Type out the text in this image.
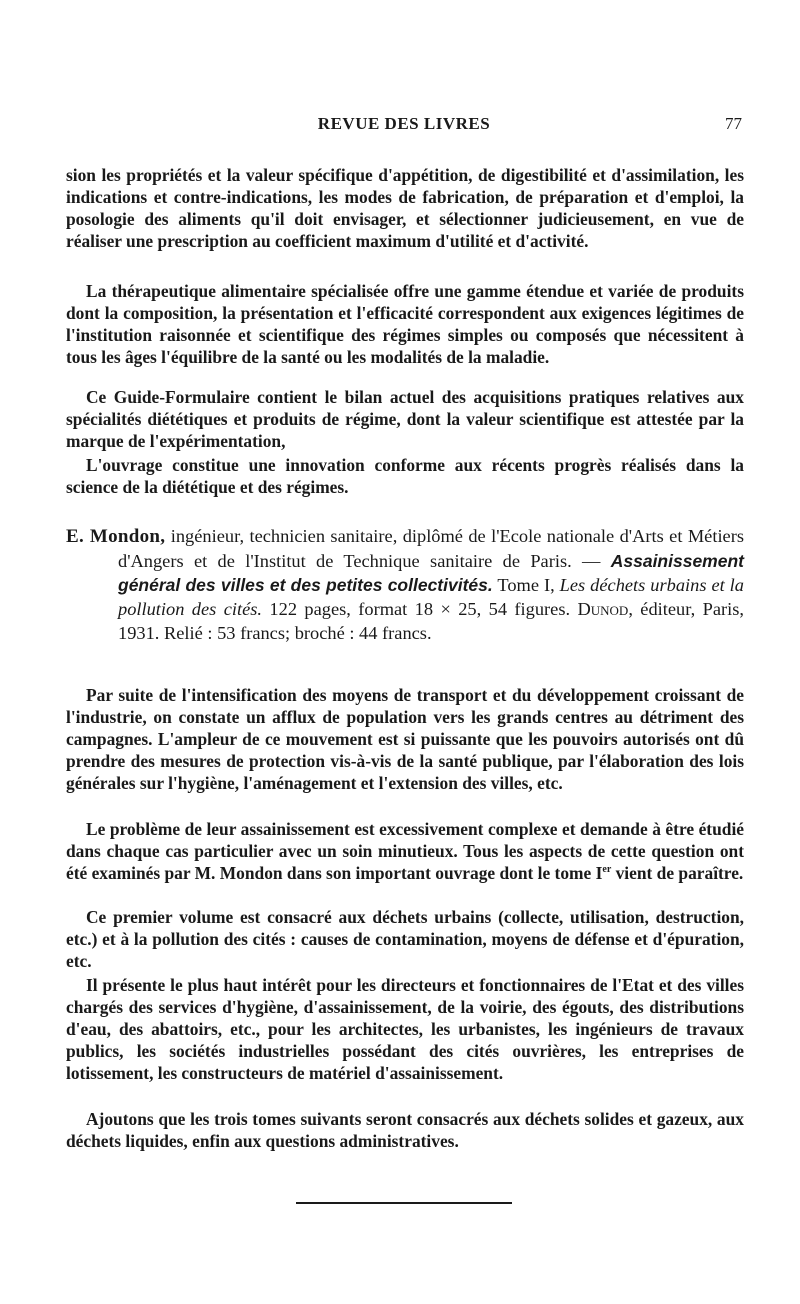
REVUE DES LIVRES	77

sion les propriétés et la valeur spécifique d'appétition, de digestibilité et d'assimilation, les indications et contre-indications, les modes de fabrication, de préparation et d'emploi, la posologie des aliments qu'il doit envisager, et sélectionner judicieusement, en vue de réaliser une prescription au coefficient maximum d'utilité et d'activité.

La thérapeutique alimentaire spécialisée offre une gamme étendue et variée de produits dont la composition, la présentation et l'efficacité correspondent aux exigences légitimes de l'institution raisonnée et scientifique des régimes simples ou composés que nécessitent à tous les âges l'équilibre de la santé ou les modalités de la maladie.

Ce Guide-Formulaire contient le bilan actuel des acquisitions pratiques relatives aux spécialités diététiques et produits de régime, dont la valeur scientifique est attestée par la marque de l'expérimentation,

L'ouvrage constitue une innovation conforme aux récents progrès réalisés dans la science de la diététique et des régimes.

E. Mondon, ingénieur, technicien sanitaire, diplômé de l'Ecole nationale d'Arts et Métiers d'Angers et de l'Institut de Technique sanitaire de Paris. — Assainissement général des villes et des petites collectivités. Tome I, Les déchets urbains et la pollution des cités. 122 pages, format 18 × 25, 54 figures. Dunod, éditeur, Paris, 1931. Relié : 53 francs; broché : 44 francs.

Par suite de l'intensification des moyens de transport et du développement croissant de l'industrie, on constate un afflux de population vers les grands centres au détriment des campagnes. L'ampleur de ce mouvement est si puissante que les pouvoirs autorisés ont dû prendre des mesures de protection vis-à-vis de la santé publique, par l'élaboration des lois générales sur l'hygiène, l'aménagement et l'extension des villes, etc.

Le problème de leur assainissement est excessivement complexe et demande à être étudié dans chaque cas particulier avec un soin minutieux. Tous les aspects de cette question ont été examinés par M. Mondon dans son important ouvrage dont le tome Ier vient de paraître.

Ce premier volume est consacré aux déchets urbains (collecte, utilisation, destruction, etc.) et à la pollution des cités : causes de contamination, moyens de défense et d'épuration, etc.

Il présente le plus haut intérêt pour les directeurs et fonctionnaires de l'Etat et des villes chargés des services d'hygiène, d'assainissement, de la voirie, des égouts, des distributions d'eau, des abattoirs, etc., pour les architectes, les urbanistes, les ingénieurs de travaux publics, les sociétés industrielles possédant des cités ouvrières, les entreprises de lotissement, les constructeurs de matériel d'assainissement.

Ajoutons que les trois tomes suivants seront consacrés aux déchets solides et gazeux, aux déchets liquides, enfin aux questions administratives.
